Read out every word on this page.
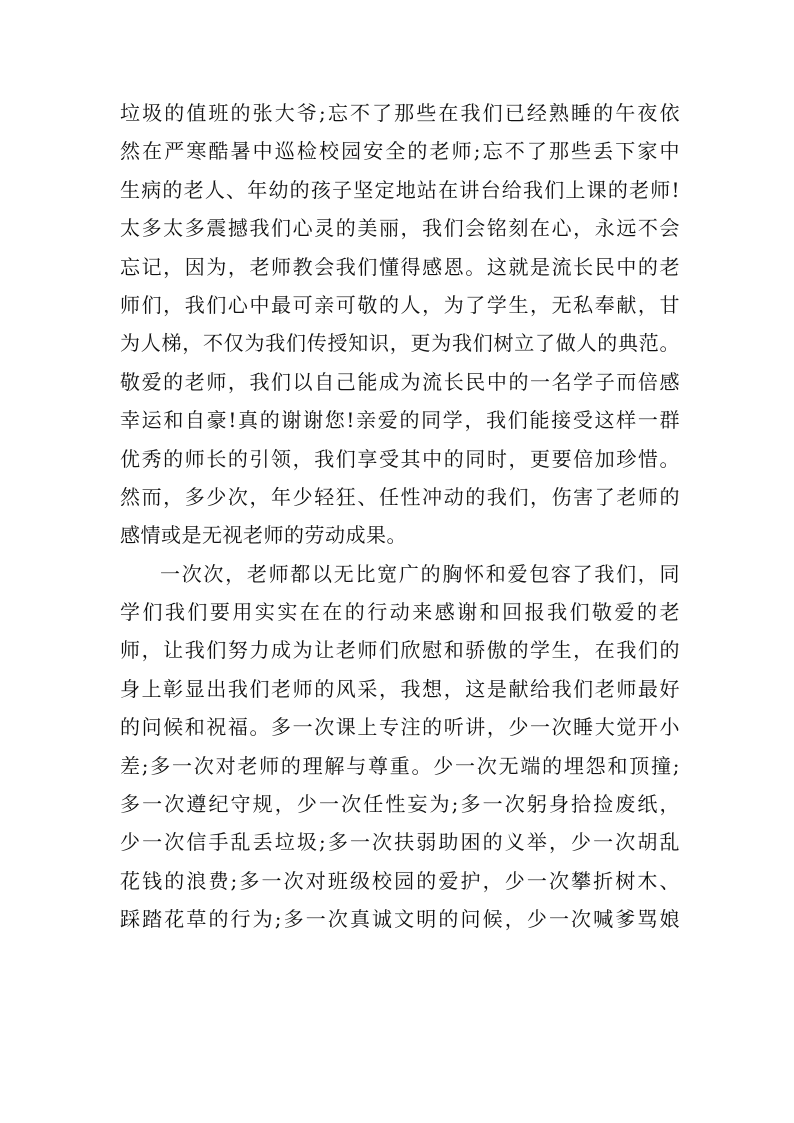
垃圾的值班的张大爷;忘不了那些在我们已经熟睡的午夜依
然在严寒酷暑中巡检校园安全的老师;忘不了那些丢下家中
生病的老人、年幼的孩子坚定地站在讲台给我们上课的老师!
太多太多震撼我们心灵的美丽，我们会铭刻在心，永远不会
忘记，因为，老师教会我们懂得感恩。这就是流长民中的老
师们，我们心中最可亲可敬的人，为了学生，无私奉献，甘
为人梯，不仅为我们传授知识，更为我们树立了做人的典范。
敬爱的老师，我们以自己能成为流长民中的一名学子而倍感
幸运和自豪!真的谢谢您!亲爱的同学，我们能接受这样一群
优秀的师长的引领，我们享受其中的同时，更要倍加珍惜。
然而，多少次，年少轻狂、任性冲动的我们，伤害了老师的
感情或是无视老师的劳动成果。
一次次，老师都以无比宽广的胸怀和爱包容了我们，同
学们我们要用实实在在的行动来感谢和回报我们敬爱的老
师，让我们努力成为让老师们欣慰和骄傲的学生，在我们的
身上彰显出我们老师的风采，我想，这是献给我们老师最好
的问候和祝福。多一次课上专注的听讲，少一次睡大觉开小
差;多一次对老师的理解与尊重。少一次无端的埋怨和顶撞;
多一次遵纪守规，少一次任性妄为;多一次躬身拾捡废纸，
少一次信手乱丢垃圾;多一次扶弱助困的义举，少一次胡乱
花钱的浪费;多一次对班级校园的爱护，少一次攀折树木、
踩踏花草的行为;多一次真诚文明的问候，少一次喊爹骂娘
